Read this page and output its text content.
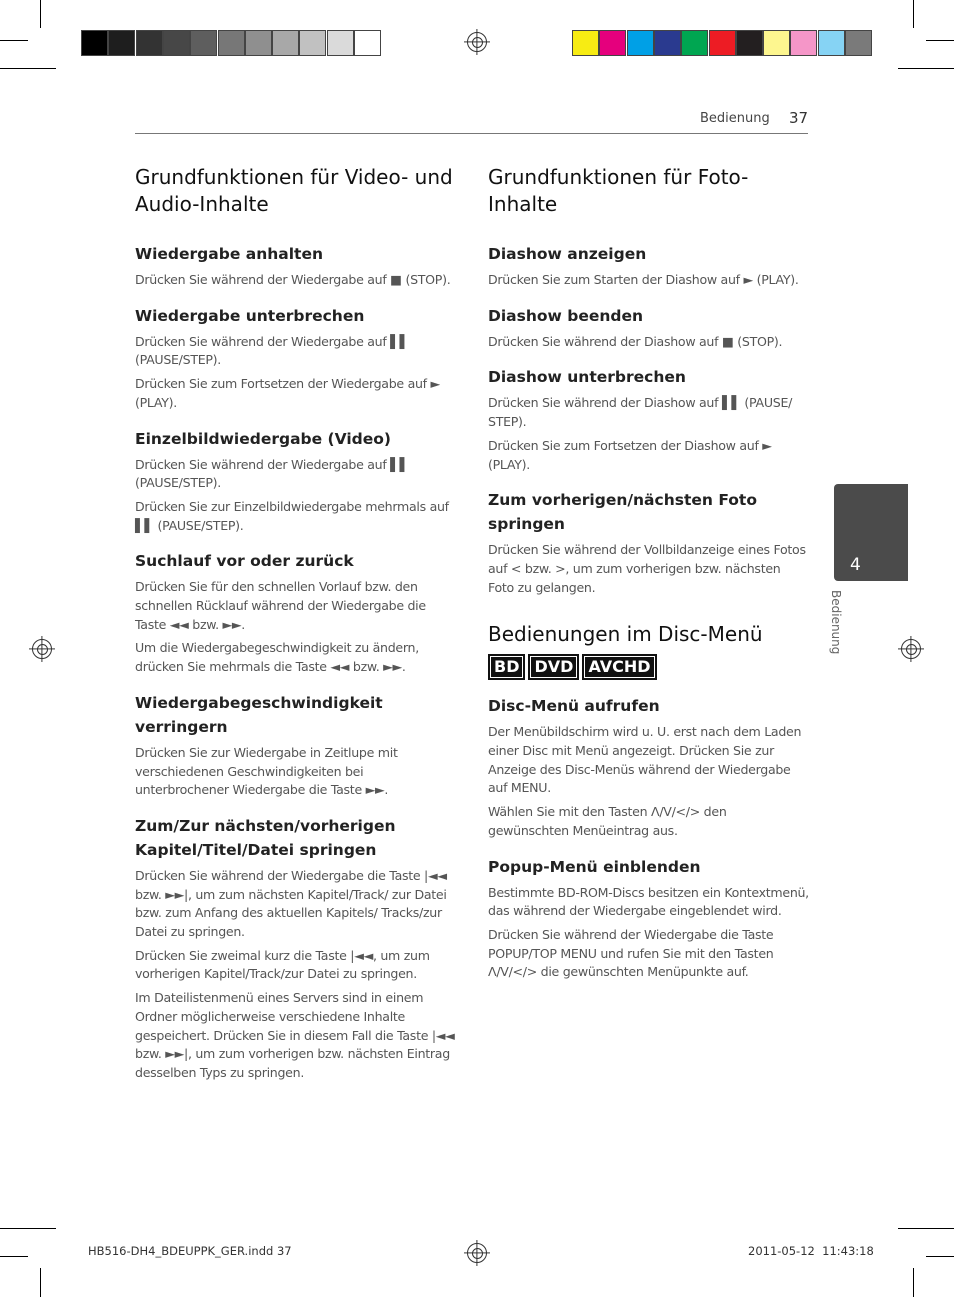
Bedienung 37
4
Bedienung
Grundfunktionen für Video- und Audio-Inhalte
Wiedergabe anhalten

Drücken Sie während der Wiedergabe auf ■ (STOP).

Wiedergabe unterbrechen

Drücken Sie während der Wiedergabe auf ▌▌ (PAUSE/STEP).

Drücken Sie zum Fortsetzen der Wiedergabe auf ► (PLAY).

Einzelbildwiedergabe (Video)

Drücken Sie während der Wiedergabe auf ▌▌ (PAUSE/STEP).

Drücken Sie zur Einzelbildwiedergabe mehrmals auf ▌▌ (PAUSE/STEP).

Suchlauf vor oder zurück

Drücken Sie für den schnellen Vorlauf bzw. den schnellen Rücklauf während der Wiedergabe die Taste ◄◄ bzw. ►►.

Um die Wiedergabegeschwindigkeit zu ändern, drücken Sie mehrmals die Taste ◄◄ bzw. ►►.

Wiedergabegeschwindigkeit verringern

Drücken Sie zur Wiedergabe in Zeitlupe mit verschiedenen Geschwindigkeiten bei unterbrochener Wiedergabe die Taste ►►.

Zum/Zur nächsten/vorherigen Kapitel/Titel/Datei springen

Drücken Sie während der Wiedergabe die Taste |◄◄ bzw. ►►|, um zum nächsten Kapitel/Track/ zur Datei bzw. zum Anfang des aktuellen Kapitels/ Tracks/zur Datei zu springen.

Drücken Sie zweimal kurz die Taste |◄◄, um zum vorherigen Kapitel/Track/zur Datei zu springen.

Im Dateilistenmenü eines Servers sind in einem Ordner möglicherweise verschiedene Inhalte gespeichert. Drücken Sie in diesem Fall die Taste |◄◄ bzw. ►►|, um zum vorherigen bzw. nächsten Eintrag desselben Typs zu springen.

Grundfunktionen für Foto- Inhalte
Diashow anzeigen

Drücken Sie zum Starten der Diashow auf ► (PLAY).

Diashow beenden

Drücken Sie während der Diashow auf ■ (STOP).

Diashow unterbrechen

Drücken Sie während der Diashow auf ▌▌ (PAUSE/ STEP).

Drücken Sie zum Fortsetzen der Diashow auf ► (PLAY).

Zum vorherigen/nächsten Foto springen

Drücken Sie während der Vollbildanzeige eines Fotos auf < bzw. >, um zum vorherigen bzw. nächsten Foto zu gelangen.

Bedienungen im Disc-Menü
BD DVD AVCHD
Disc-Menü aufrufen

Der Menübildschirm wird u. U. erst nach dem Laden einer Disc mit Menü angezeigt. Drücken Sie zur Anzeige des Disc-Menüs während der Wiedergabe auf MENU.

Wählen Sie mit den Tasten Λ/V/</> den gewünschten Menüeintrag aus.

Popup-Menü einblenden

Bestimmte BD-ROM-Discs besitzen ein Kontextmenü, das während der Wiedergabe eingeblendet wird.

Drücken Sie während der Wiedergabe die Taste POPUP/TOP MENU und rufen Sie mit den Tasten Λ/V/</> die gewünschten Menüpunkte auf.

HB516-DH4_BDEUPPK_GER.indd 37	2011-05-12 ￼ 11:43:18
